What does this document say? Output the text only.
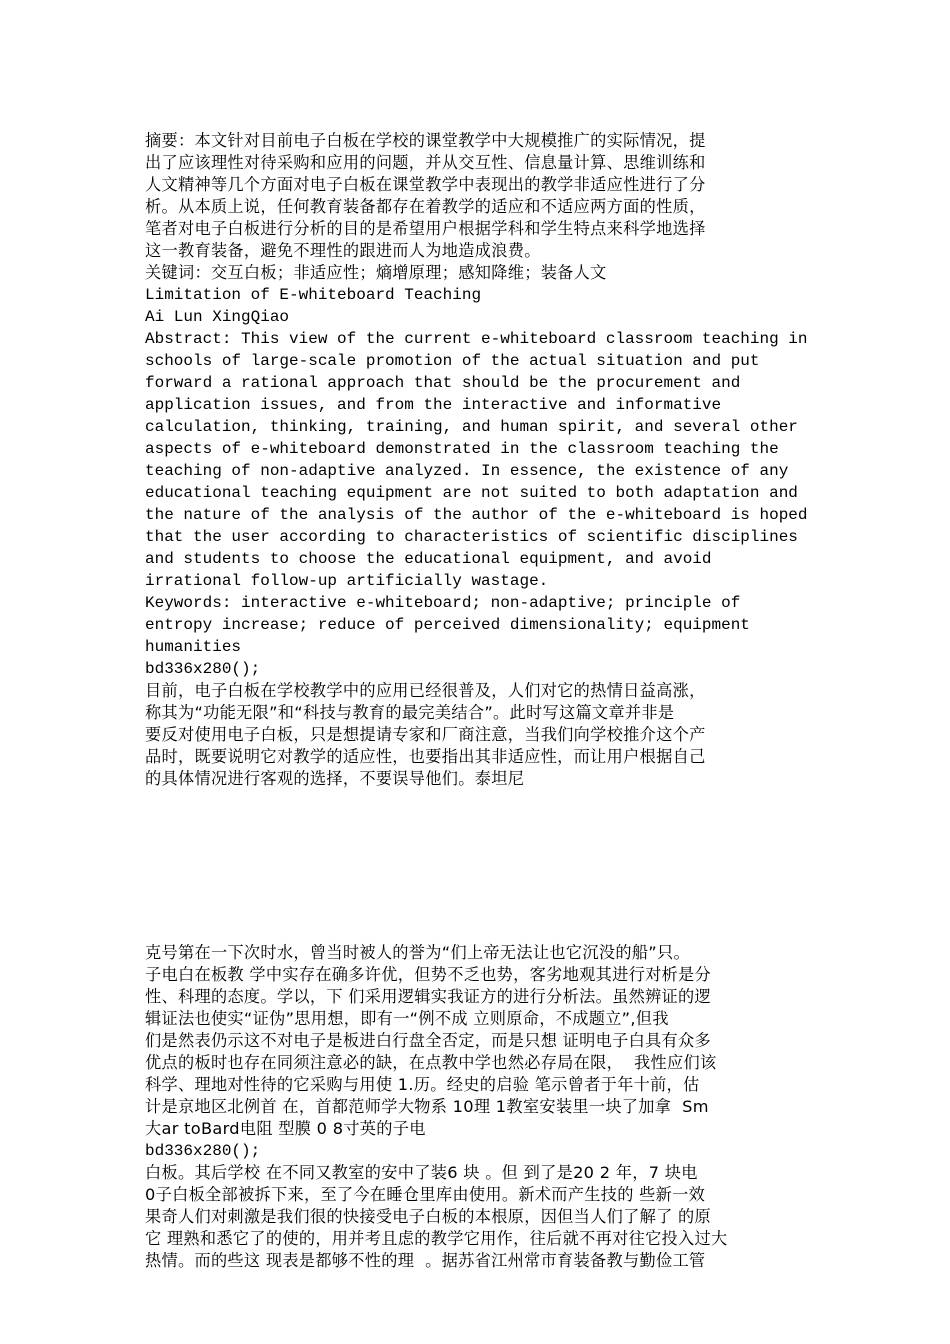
摘要：本文针对目前电子白板在学校的课堂教学中大规模推广的实际情况，提
出了应该理性对待采购和应用的问题，并从交互性、信息量计算、思维训练和
人文精神等几个方面对电子白板在课堂教学中表现出的教学非适应性进行了分
析。从本质上说，任何教育装备都存在着教学的适应和不适应两方面的性质，
笔者对电子白板进行分析的目的是希望用户根据学科和学生特点来科学地选择
这一教育装备，避免不理性的跟进而人为地造成浪费。
关键词：交互白板；非适应性；熵增原理；感知降维；装备人文
Limitation of E-whiteboard Teaching
Ai Lun XingQiao
Abstract: This view of the current e-whiteboard classroom teaching in
schools of large-scale promotion of the actual situation and put
forward a rational approach that should be the procurement and
application issues, and from the interactive and informative
calculation, thinking, training, and human spirit, and several other
aspects of e-whiteboard demonstrated in the classroom teaching the
teaching of non-adaptive analyzed. In essence, the existence of any
educational teaching equipment are not suited to both adaptation and
the nature of the analysis of the author of the e-whiteboard is hoped
that the user according to characteristics of scientific disciplines
and students to choose the educational equipment, and avoid
irrational follow-up artificially wastage.
Keywords: interactive e-whiteboard; non-adaptive; principle of
entropy increase; reduce of perceived dimensionality; equipment
humanities
bd336x280();
目前，电子白板在学校教学中的应用已经很普及，人们对它的热情日益高涨，
称其为“功能无限”和“科技与教育的最完美结合”。此时写这篇文章并非是
要反对使用电子白板，只是想提请专家和厂商注意，当我们向学校推介这个产
品时，既要说明它对教学的适应性，也要指出其非适应性，而让用户根据自己
的具体情况进行客观的选择，不要误导他们。泰坦尼
克号第在一下次时水，曾当时被人的誉为“们上帝无法让也它沉没的船”只。
子电白在板教 学中实存在确多许优，但势不乏也势，客劣地观其进行对析是分
性、科理的态度。学以，下 们采用逻辑实我证方的进行分析法。虽然辨证的逻
辑证法也使实“证伪”思用想，即有一“例不成 立则原命，不成题立”,但我
们是然表仍示这不对电子是板进白行盘全否定，而是只想 证明电子白具有众多
优点的板时也存在同须注意必的缺，在点教中学也然必存局在限，  我性应们该
科学、理地对性待的它采购与用使 1.历。经史的启验 笔示曾者于年十前，估
计是京地区北例首 在，首都范师学大物系 10理 1教室安装里一块了加拿  Sm
大ar toBard电阻 型膜 0 8寸英的子电
bd336x280();
白板。其后学校 在不同又教室的安中了装6 块 。但 到了是20 2 年，7 块电
0子白板全部被拆下来，至了今在睡仓里库由使用。新术而产生技的 些新一效
果奇人们对刺激是我们很的快接受电子白板的本根原，因但当人们了解了 的原
它 理熟和悉它了的使的，用并考且虑的教学它用作，往后就不再对往它投入过大
热情。而的些这 现表是都够不性的理  。据苏省江州常市育装备教与勤俭工管
